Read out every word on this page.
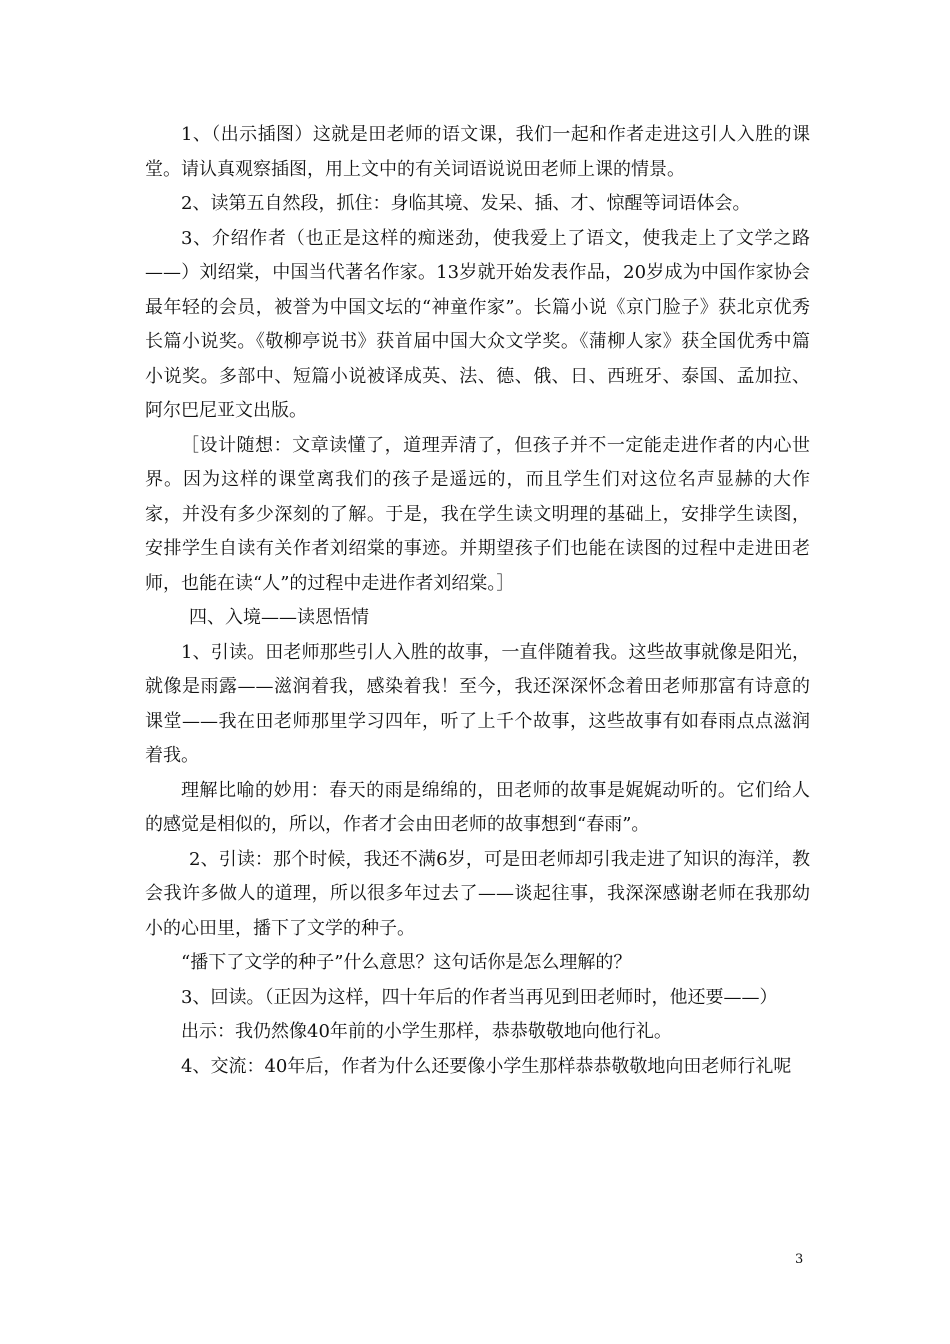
1、（出示插图）这就是田老师的语文课，我们一起和作者走进这引人入胜的课堂。请认真观察插图，用上文中的有关词语说说田老师上课的情景。

2、读第五自然段，抓住：身临其境、发呆、插、才、惊醒等词语体会。

3、介绍作者（也正是这样的痴迷劲，使我爱上了语文，使我走上了文学之路——）刘绍棠，中国当代著名作家。13岁就开始发表作品，20岁成为中国作家协会最年轻的会员，被誉为中国文坛的“神童作家”。长篇小说《京门脸子》获北京优秀长篇小说奖。《敬柳亭说书》获首届中国大众文学奖。《蒲柳人家》获全国优秀中篇小说奖。多部中、短篇小说被译成英、法、德、俄、日、西班牙、泰国、孟加拉、阿尔巴尼亚文出版。

［设计随想：文章读懂了，道理弄清了，但孩子并不一定能走进作者的内心世界。因为这样的课堂离我们的孩子是遥远的，而且学生们对这位名声显赫的大作家，并没有多少深刻的了解。于是，我在学生读文明理的基础上，安排学生读图，安排学生自读有关作者刘绍棠的事迹。并期望孩子们也能在读图的过程中走进田老师，也能在读“人”的过程中走进作者刘绍棠。］

四、入境——读恩悟情

1、引读。田老师那些引人入胜的故事，一直伴随着我。这些故事就像是阳光，就像是雨露——滋润着我，感染着我！至今，我还深深怀念着田老师那富有诗意的课堂——我在田老师那里学习四年，听了上千个故事，这些故事有如春雨点点滋润着我。

理解比喻的妙用：春天的雨是绵绵的，田老师的故事是娓娓动听的。它们给人的感觉是相似的，所以，作者才会由田老师的故事想到“春雨”。

2、引读：那个时候，我还不满6岁，可是田老师却引我走进了知识的海洋，教会我许多做人的道理，所以很多年过去了——谈起往事，我深深感谢老师在我那幼小的心田里，播下了文学的种子。

“播下了文学的种子”什么意思？这句话你是怎么理解的？

3、回读。（正因为这样，四十年后的作者当再见到田老师时，他还要——）

出示：我仍然像40年前的小学生那样，恭恭敬敬地向他行礼。

4、交流：40年后，作者为什么还要像小学生那样恭恭敬敬地向田老师行礼呢

3
